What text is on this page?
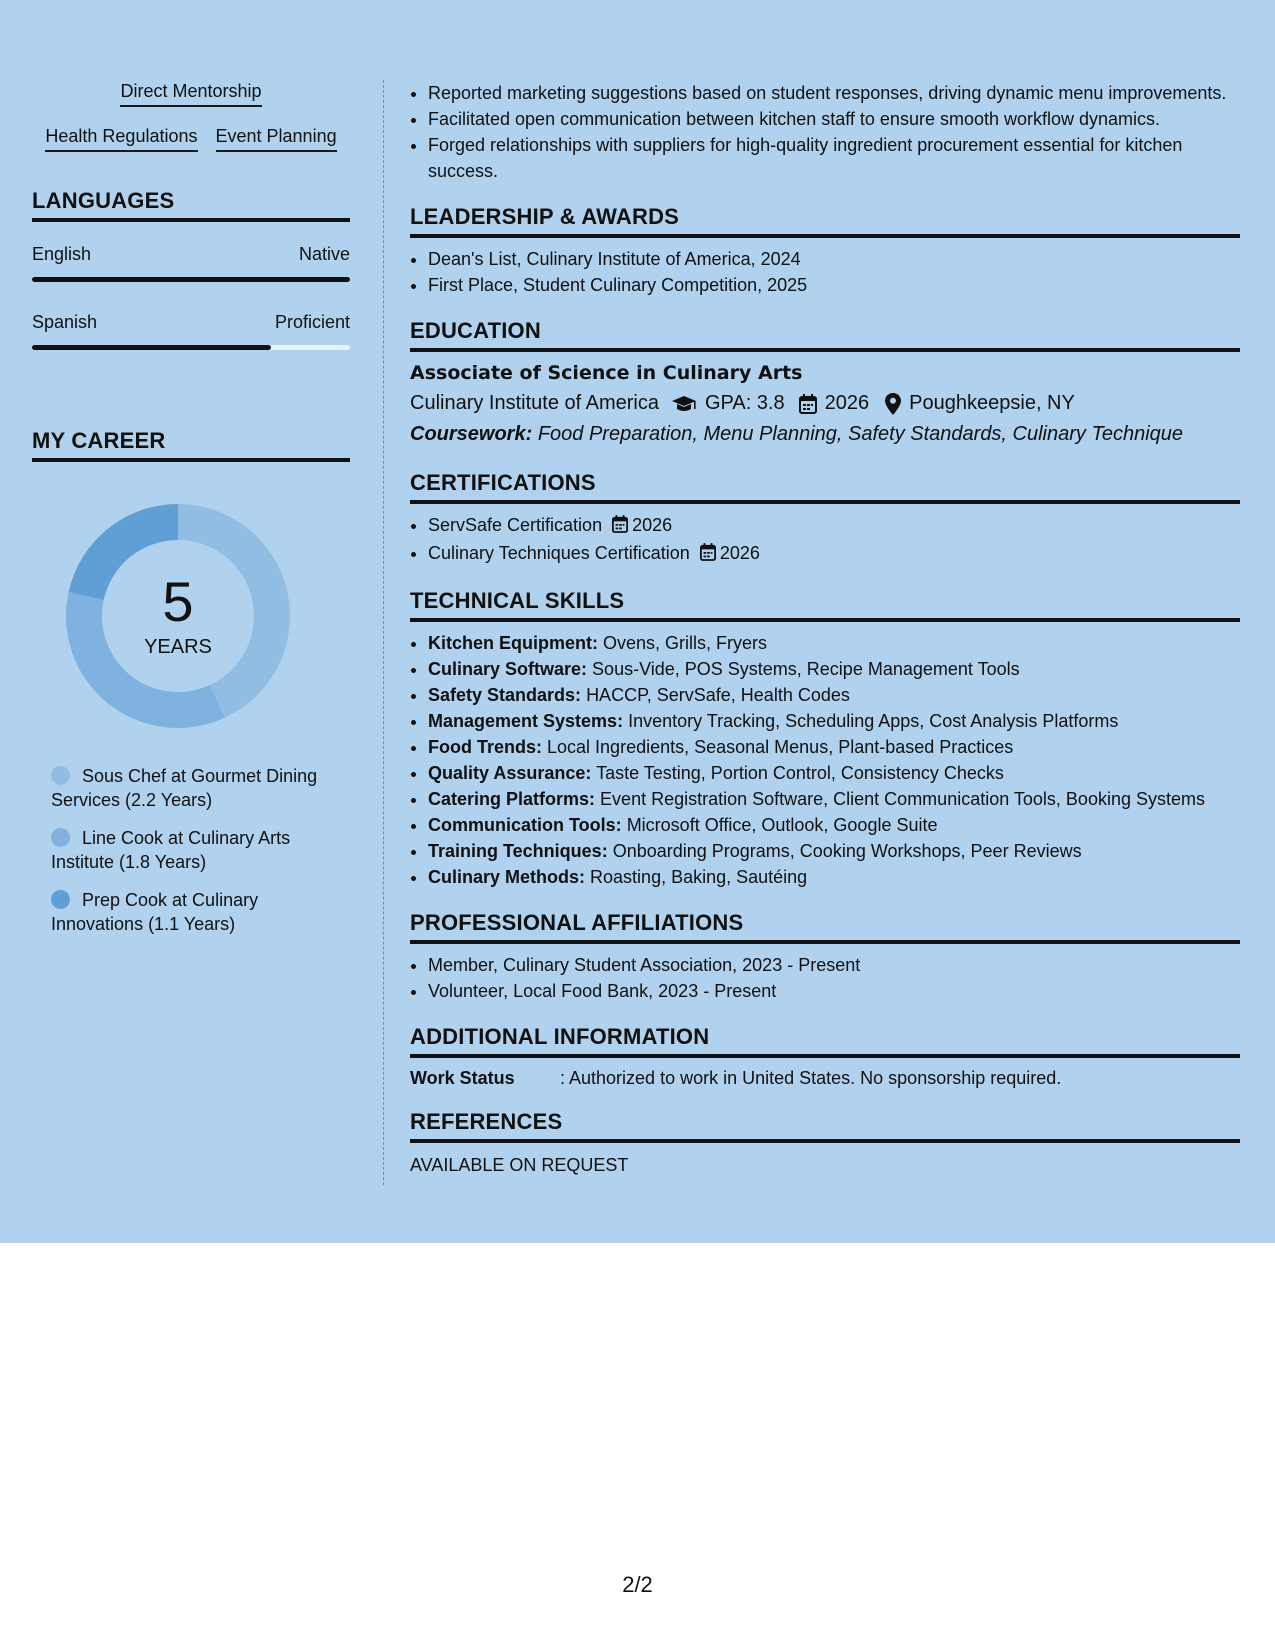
Direct Mentorship
Health Regulations Event Planning
LANGUAGES
English	Native
Spanish	Proficient
MY CAREER
5
YEARS
Sous Chef at Gourmet Dining Services (2.2 Years)
Line Cook at Culinary Arts Institute (1.8 Years)
Prep Cook at Culinary Innovations (1.1 Years)
• Reported marketing suggestions based on student responses, driving dynamic menu improvements.
• Facilitated open communication between kitchen staff to ensure smooth workflow dynamics.
• Forged relationships with suppliers for high-quality ingredient procurement essential for kitchen success.
LEADERSHIP & AWARDS
• Dean's List, Culinary Institute of America, 2024
• First Place, Student Culinary Competition, 2025
EDUCATION
Associate of Science in Culinary Arts
Culinary Institute of America GPA: 3.8 2026 Poughkeepsie, NY
Coursework: Food Preparation, Menu Planning, Safety Standards, Culinary Technique
CERTIFICATIONS
• ServSafe Certification 2026
• Culinary Techniques Certification 2026
TECHNICAL SKILLS
• Kitchen Equipment: Ovens, Grills, Fryers
• Culinary Software: Sous-Vide, POS Systems, Recipe Management Tools
• Safety Standards: HACCP, ServSafe, Health Codes
• Management Systems: Inventory Tracking, Scheduling Apps, Cost Analysis Platforms
• Food Trends: Local Ingredients, Seasonal Menus, Plant-based Practices
• Quality Assurance: Taste Testing, Portion Control, Consistency Checks
• Catering Platforms: Event Registration Software, Client Communication Tools, Booking Systems
• Communication Tools: Microsoft Office, Outlook, Google Suite
• Training Techniques: Onboarding Programs, Cooking Workshops, Peer Reviews
• Culinary Methods: Roasting, Baking, Sautéing
PROFESSIONAL AFFILIATIONS
• Member, Culinary Student Association, 2023 - Present
• Volunteer, Local Food Bank, 2023 - Present
ADDITIONAL INFORMATION
Work Status	: Authorized to work in United States. No sponsorship required.
REFERENCES
AVAILABLE ON REQUEST
2/2
